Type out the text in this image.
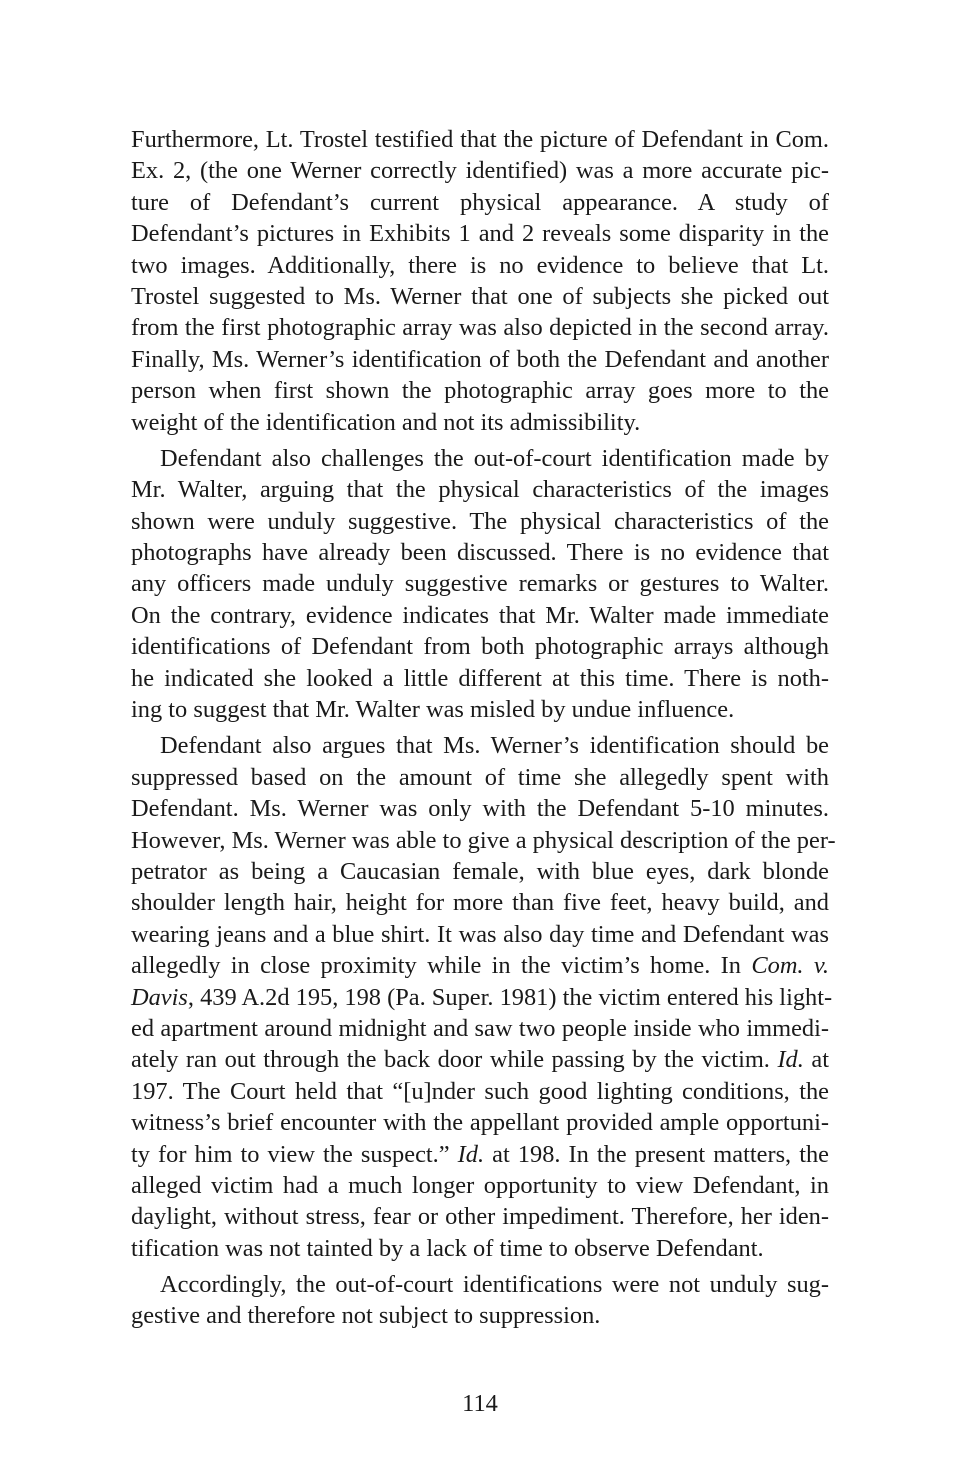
Furthermore, Lt. Trostel testified that the picture of Defendant in Com.
Ex. 2, (the one Werner correctly identified) was a more accurate pic-
ture of Defendant’s current physical appearance. A study of
Defendant’s pictures in Exhibits 1 and 2 reveals some disparity in the
two images. Additionally, there is no evidence to believe that Lt.
Trostel suggested to Ms. Werner that one of subjects she picked out
from the first photographic array was also depicted in the second array.
Finally, Ms. Werner’s identification of both the Defendant and another
person when first shown the photographic array goes more to the
weight of the identification and not its admissibility.
Defendant also challenges the out-of-court identification made by
Mr. Walter, arguing that the physical characteristics of the images
shown were unduly suggestive. The physical characteristics of the
photographs have already been discussed. There is no evidence that
any officers made unduly suggestive remarks or gestures to Walter.
On the contrary, evidence indicates that Mr. Walter made immediate
identifications of Defendant from both photographic arrays although
he indicated she looked a little different at this time. There is noth-
ing to suggest that Mr. Walter was misled by undue influence.
Defendant also argues that Ms. Werner’s identification should be
suppressed based on the amount of time she allegedly spent with
Defendant. Ms. Werner was only with the Defendant 5-10 minutes.
However, Ms. Werner was able to give a physical description of the per-
petrator as being a Caucasian female, with blue eyes, dark blonde
shoulder length hair, height for more than five feet, heavy build, and
wearing jeans and a blue shirt. It was also day time and Defendant was
allegedly in close proximity while in the victim’s home. In Com. v.
Davis, 439 A.2d 195, 198 (Pa. Super. 1981) the victim entered his light-
ed apartment around midnight and saw two people inside who immedi-
ately ran out through the back door while passing by the victim. Id. at
197. The Court held that “[u]nder such good lighting conditions, the
witness’s brief encounter with the appellant provided ample opportuni-
ty for him to view the suspect.” Id. at 198. In the present matters, the
alleged victim had a much longer opportunity to view Defendant, in
daylight, without stress, fear or other impediment. Therefore, her iden-
tification was not tainted by a lack of time to observe Defendant.
Accordingly, the out-of-court identifications were not unduly sug-
gestive and therefore not subject to suppression.
114
